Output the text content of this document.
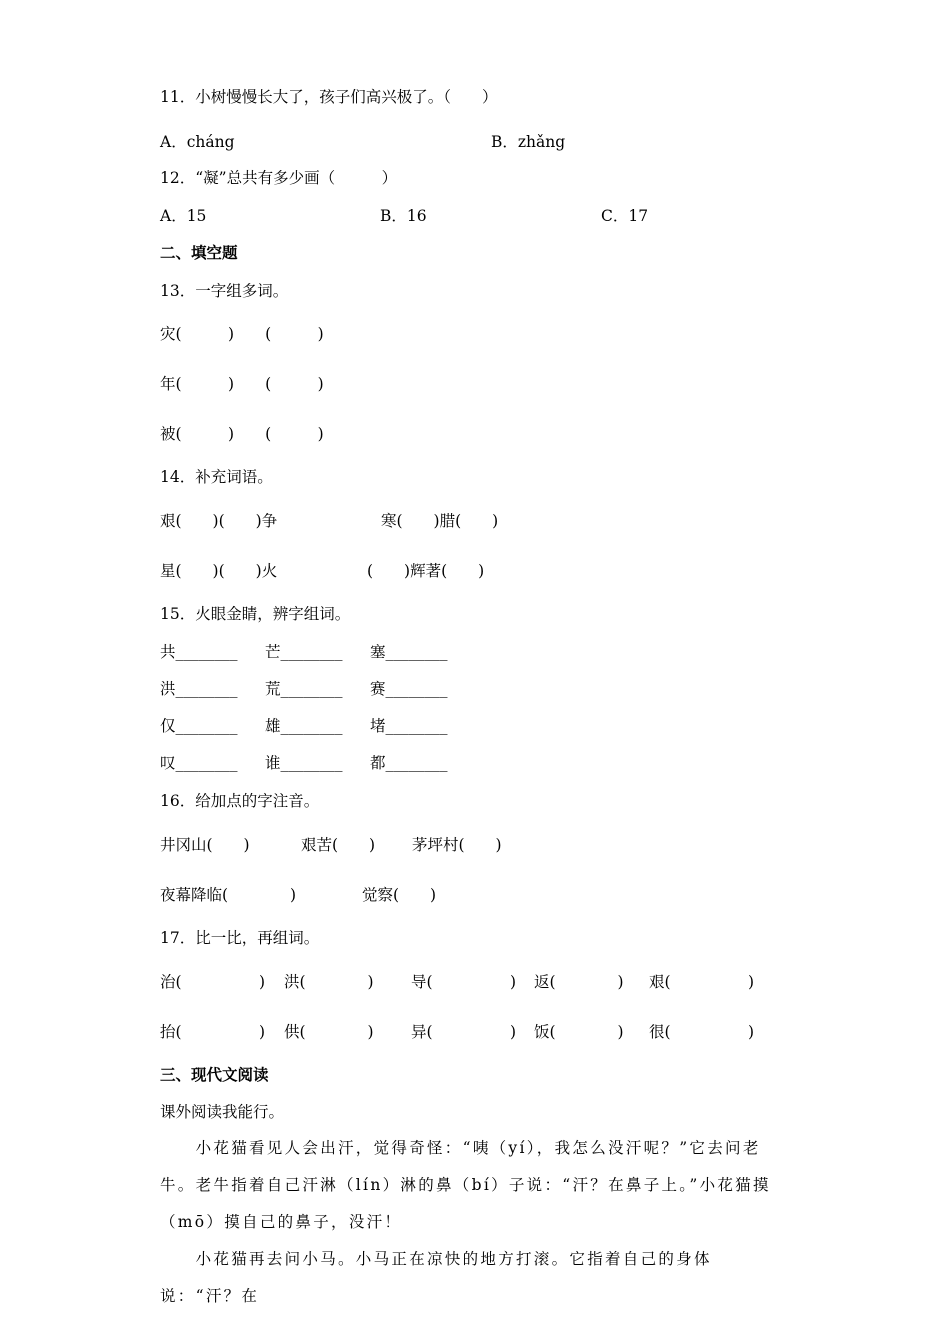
11．小树慢慢长大了，孩子们高兴极了。（　　）
A．cháng	B．zhǎng
12．“凝”总共有多少画（　　　）
A．15	B．16	C．17
二、填空题
13．一字组多词。
灾(　　　)　　(　　　)
年(　　　)　　(　　　)
被(　　　)　　(　　　)
14．补充词语。
艰(　　)(　　)争	寒(　　)腊(　　)
星(　　)(　　)火	(　　)辉著(　　)
15．火眼金睛，辨字组词。
共________ 芒________ 塞________
洪________ 荒________ 赛________
仅________ 雄________ 堵________
叹________ 谁________ 都________
16．给加点的字注音。
井冈山(　　)	艰苦(　　) 茅坪村(　　)
夜幕降临(　　　　)	觉察(　　)
17．比一比，再组词。
治(　　　　　) 洪(　　　　) 导(　　　　　) 返(　　　　) 艰(　　　　　)
抬(　　　　　) 供(　　　　) 异(　　　　　) 饭(　　　　) 很(　　　　　)
三、现代文阅读
课外阅读我能行。

　　小花猫看见人会出汗，觉得奇怪：“咦（yí），我怎么没汗呢？”它去问老牛。老牛指着自己汗淋（lín）淋的鼻（bí）子说：“汗？在鼻子上。”小花猫摸（mō）摸自己的鼻子，没汗！

　　小花猫再去问小马。小马正在凉快的地方打滚。它指着自己的身体说：“汗？在
